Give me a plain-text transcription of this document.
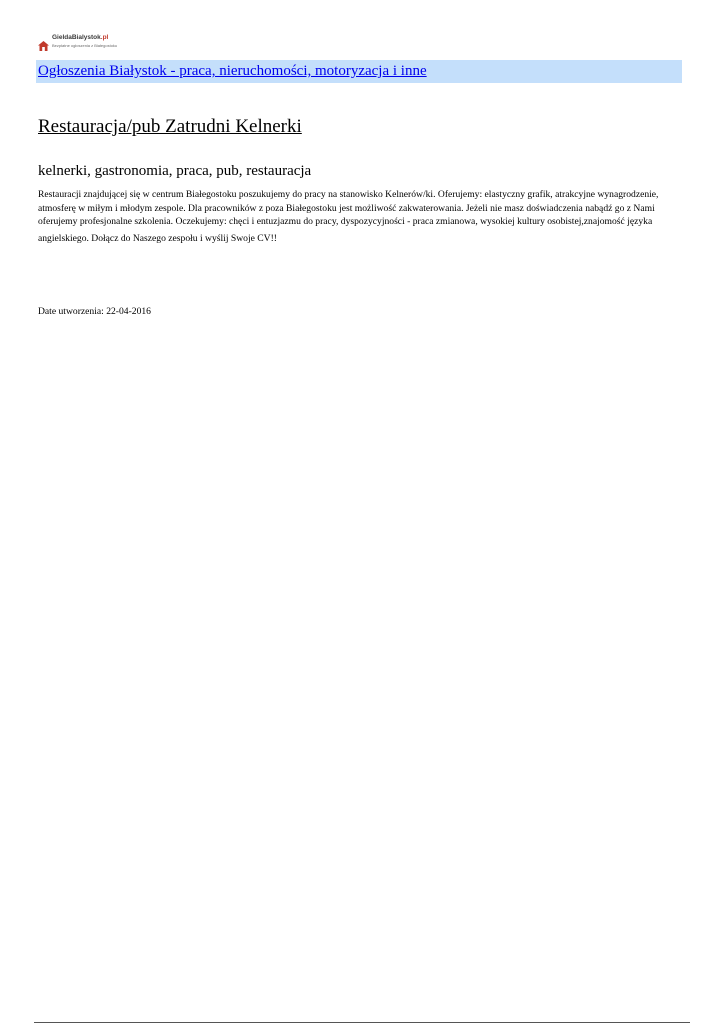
GieldaBialystok.pl
Bezpłatne ogłoszenia z Białegostoku
Ogłoszenia Białystok - praca, nieruchomości, motoryzacja i inne
Restauracja/pub Zatrudni Kelnerki
kelnerki, gastronomia, praca, pub, restauracja
Restauracji znajdującej się w centrum Białegostoku poszukujemy do pracy na stanowisko Kelnerów/ki. Oferujemy: elastyczny grafik, atrakcyjne wynagrodzenie,
atmosferę w miłym i młodym zespole. Dla pracowników z poza Białegostoku jest możliwość zakwaterowania. Jeżeli nie masz doświadczenia nabądź go z Nami
oferujemy profesjonalne szkolenia. Oczekujemy: chęci i entuzjazmu do pracy, dyspozycyjności - praca zmianowa, wysokiej kultury osobistej,znajomość języka
angielskiego. Dołącz do Naszego zespołu i wyślij Swoje CV!!
Date utworzenia: 22-04-2016
